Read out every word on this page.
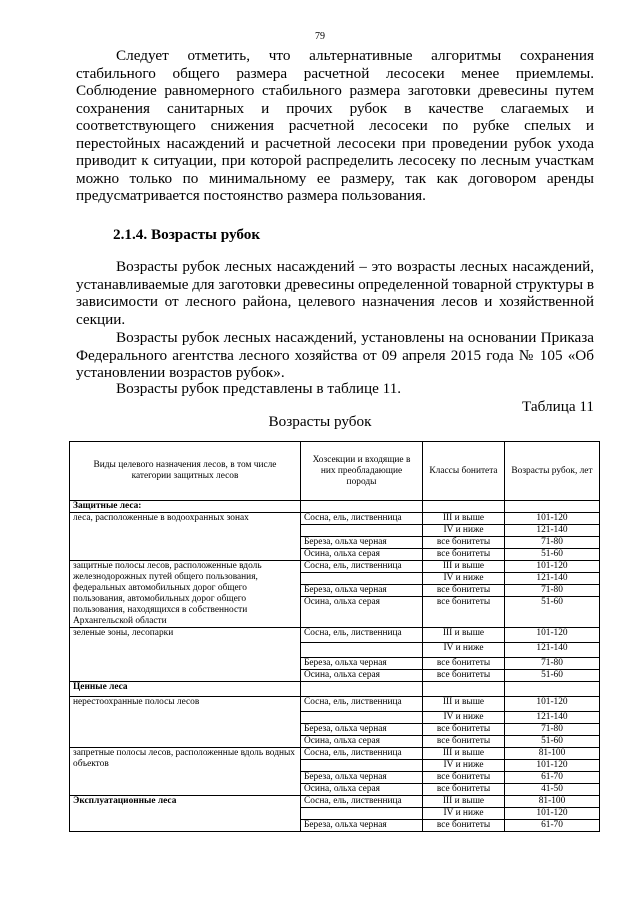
79

Следует отметить, что альтернативные алгоритмы сохранения стабильного общего размера расчетной лесосеки менее приемлемы. Соблюдение равномерного стабильного размера заготовки древесины путем сохранения санитарных и прочих рубок в качестве слагаемых и соответствующего снижения расчетной лесосеки по рубке спелых и перестойных насаждений и расчетной лесосеки при проведении рубок ухода приводит к ситуации, при которой распределить лесосеку по лесным участкам можно только по минимальному ее размеру, так как договором аренды предусматривается постоянство размера пользования.

2.1.4. Возрасты рубок

Возрасты рубок лесных насаждений – это возрасты лесных насаждений, устанавливаемые для заготовки древесины определенной товарной структуры в зависимости от лесного района, целевого назначения лесов и хозяйственной секции.

Возрасты рубок лесных насаждений, установлены на основании Приказа Федерального агентства лесного хозяйства от 09 апреля 2015 года № 105 «Об установлении возрастов рубок».

Возрасты рубок представлены в таблице 11.

Таблица 11
Возрасты рубок
Виды целевого назначения лесов, в том числе категории защитных лесов	Хозсекции и входящие в них преобладающие породы	Классы бонитета	Возрасты рубок, лет
Защитные леса:			
леса, расположенные в водоохранных зонах	Сосна, ель, лиственница	III и выше	101-120
		IV и ниже	121-140
	Береза, ольха черная	все бонитеты	71-80
	Осина, ольха серая	все бонитеты	51-60
защитные полосы лесов, расположенные вдоль железнодорожных путей общего пользования, федеральных автомобильных дорог общего пользования, автомобильных дорог общего пользования, находящихся в собственности Архангельской области	Сосна, ель, лиственница	III и выше	101-120
		IV и ниже	121-140
	Береза, ольха черная	все бонитеты	71-80
	Осина, ольха серая	все бонитеты	51-60
зеленые зоны, лесопарки	Сосна, ель, лиственница	III и выше	101-120
		IV и ниже	121-140
	Береза, ольха черная	все бонитеты	71-80
	Осина, ольха серая	все бонитеты	51-60
Ценные леса			
нерестоохранные полосы лесов	Сосна, ель, лиственница	III и выше	101-120
		IV и ниже	121-140
	Береза, ольха черная	все бонитеты	71-80
	Осина, ольха серая	все бонитеты	51-60
запретные полосы лесов, расположенные вдоль водных объектов	Сосна, ель, лиственница	III и выше	81-100
		IV и ниже	101-120
	Береза, ольха черная	все бонитеты	61-70
	Осина, ольха серая	все бонитеты	41-50
Эксплуатационные леса	Сосна, ель, лиственница	III и выше	81-100
		IV и ниже	101-120
	Береза, ольха черная	все бонитеты	61-70
